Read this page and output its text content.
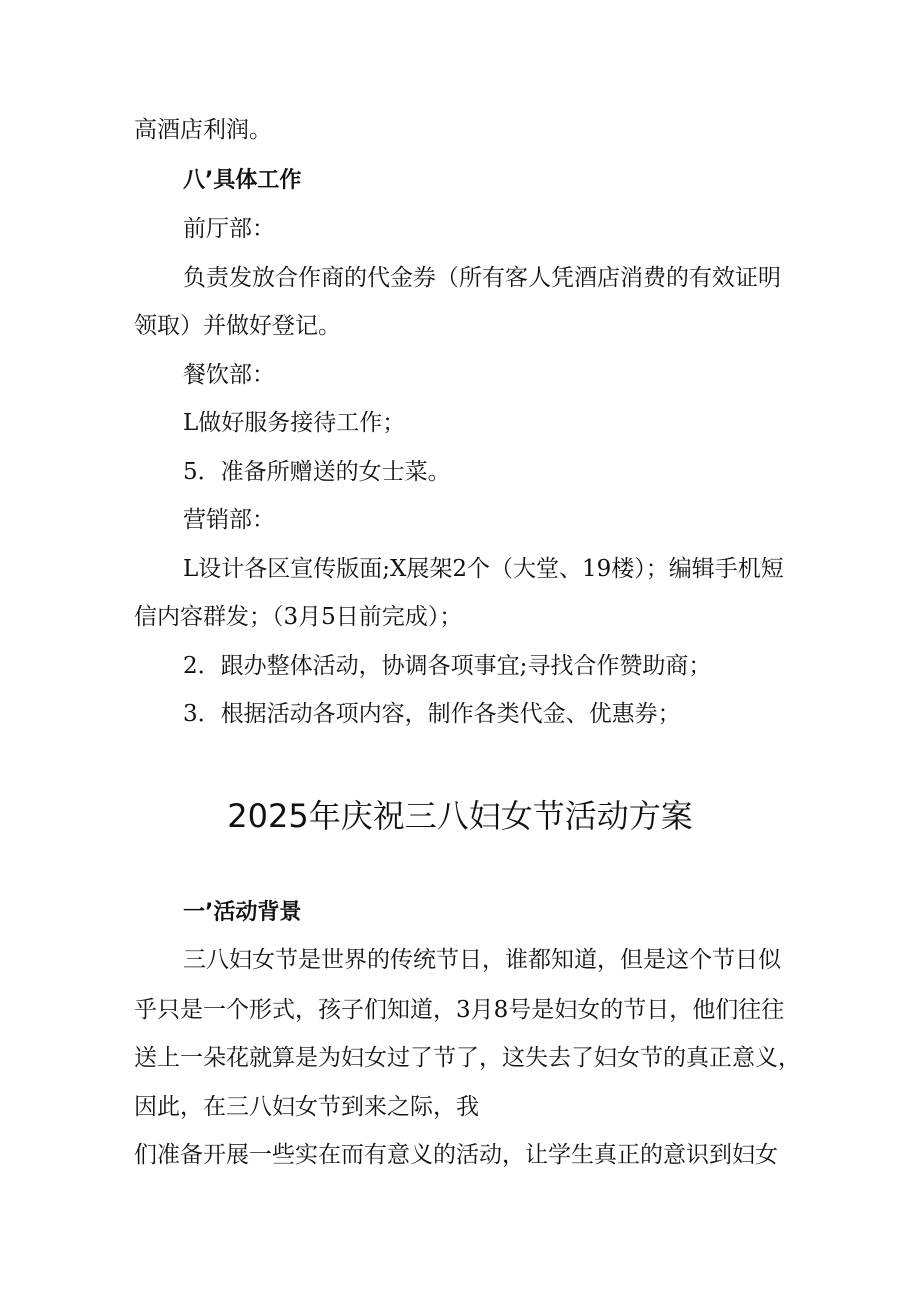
高酒店利润。
八’具体工作
前厅部：
负责发放合作商的代金券（所有客人凭酒店消费的有效证明
领取）并做好登记。
餐饮部：
L做好服务接待工作；
5．准备所赠送的女士菜。
营销部：
L设计各区宣传版面;X展架2个（大堂、19楼）；编辑手机短
信内容群发；（3月5日前完成）；
2．跟办整体活动，协调各项事宜;寻找合作赞助商；
3．根据活动各项内容，制作各类代金、优惠券；
2025年庆祝三八妇女节活动方案
一’活动背景
三八妇女节是世界的传统节日，谁都知道，但是这个节日似
乎只是一个形式，孩子们知道，3月8号是妇女的节日，他们往往
送上一朵花就算是为妇女过了节了，这失去了妇女节的真正意义，
因此，在三八妇女节到来之际，我
们准备开展一些实在而有意义的活动，让学生真正的意识到妇女
